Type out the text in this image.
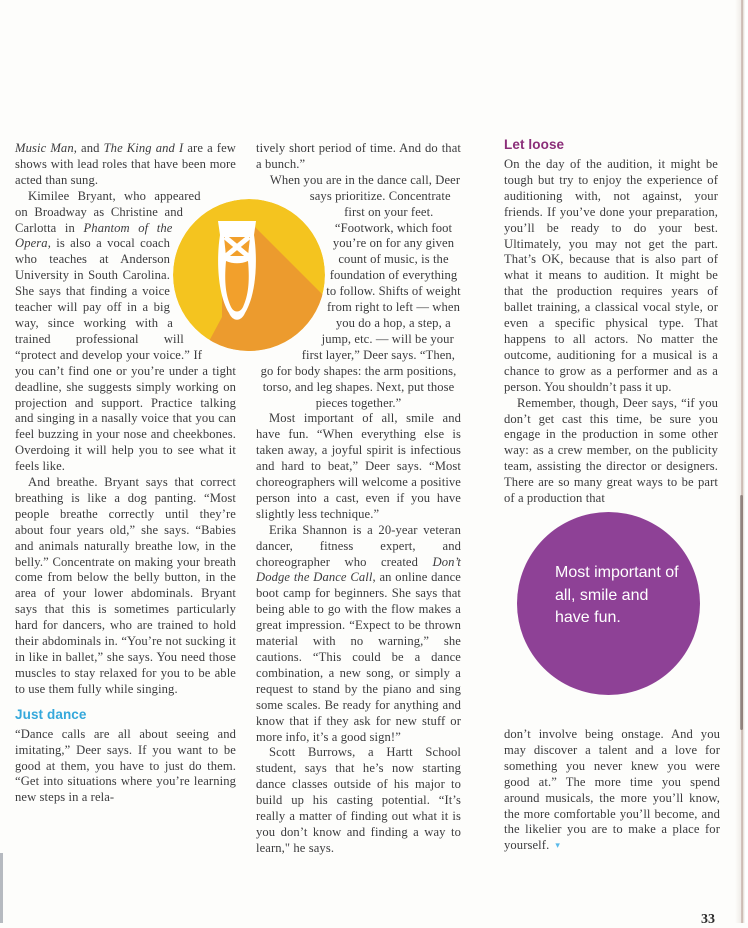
Music Man, and The King and I are a few shows with lead roles that have been more acted than sung.

Kimilee Bryant, who appeared on Broadway as Christine and Carlotta in Phantom of the Opera, is also a vocal coach who teaches at Anderson University in South Carolina. She says that finding a voice teacher will pay off in a big way, since working with a trained professional will “protect and develop your voice.” If you can’t find one or you’re under a tight deadline, she suggests simply working on projection and support. Practice talking and singing in a nasally voice that you can feel buzzing in your nose and cheekbones. Overdoing it will help you to see what it feels like.

And breathe. Bryant says that correct breathing is like a dog panting. “Most people breathe correctly until they’re about four years old,” she says. “Babies and animals naturally breathe low, in the belly.” Concentrate on making your breath come from below the belly button, in the area of your lower abdominals. Bryant says that this is sometimes particularly hard for dancers, who are trained to hold their abdominals in. “You’re not sucking it in like in ballet,” she says. You need those muscles to stay relaxed for you to be able to use them fully while singing.

Just dance

“Dance calls are all about seeing and imitating,” Deer says. If you want to be good at them, you have to just do them. “Get into situations where you’re learning new steps in a rela-

tively short period of time. And do that a bunch.”

When you are in the dance call, Deer says prioritize. Concentrate first on your feet. “Footwork, which foot you’re on for any given count of music, is the foundation of everything to follow. Shifts of weight from right to left — when you do a hop, a step, a jump, etc. — will be your first layer,” Deer says. “Then, go for body shapes: the arm positions, torso, and leg shapes. Next, put those pieces together.”

Most important of all, smile and have fun. “When everything else is taken away, a joyful spirit is infectious and hard to beat,” Deer says. “Most choreographers will welcome a positive person into a cast, even if you have slightly less technique.”

Erika Shannon is a 20-year veteran dancer, fitness expert, and choreographer who created Don’t Dodge the Dance Call, an online dance boot camp for beginners. She says that being able to go with the flow makes a great impression. “Expect to be thrown material with no warning,” she cautions. “This could be a dance combination, a new song, or simply a request to stand by the piano and sing some scales. Be ready for anything and know that if they ask for new stuff or more info, it’s a good sign!”

Scott Burrows, a Hartt School student, says that he’s now starting dance classes outside of his major to build up his casting potential. “It’s really a matter of finding out what it is you don’t know and finding a way to learn," he says.

Let loose

On the day of the audition, it might be tough but try to enjoy the experience of auditioning with, not against, your friends. If you’ve done your preparation, you’ll be ready to do your best. Ultimately, you may not get the part. That’s OK, because that is also part of what it means to audition. It might be that the production requires years of ballet training, a classical vocal style, or even a specific physical type. That happens to all actors. No matter the outcome, auditioning for a musical is a chance to grow as a performer and as a person. You shouldn’t pass it up.

Remember, though, Deer says, “if you don’t get cast this time, be sure you engage in the production in some other way: as a crew member, on the publicity team, assisting the director or designers. There are so many great ways to be part of a production that

don’t involve being onstage. And you may discover a talent and a love for something you never knew you were good at.” The more time you spend around musicals, the more you’ll know, the more comfortable you’ll become, and the likelier you are to make a place for yourself. ▾

Most important of all, smile and have fun.
33
